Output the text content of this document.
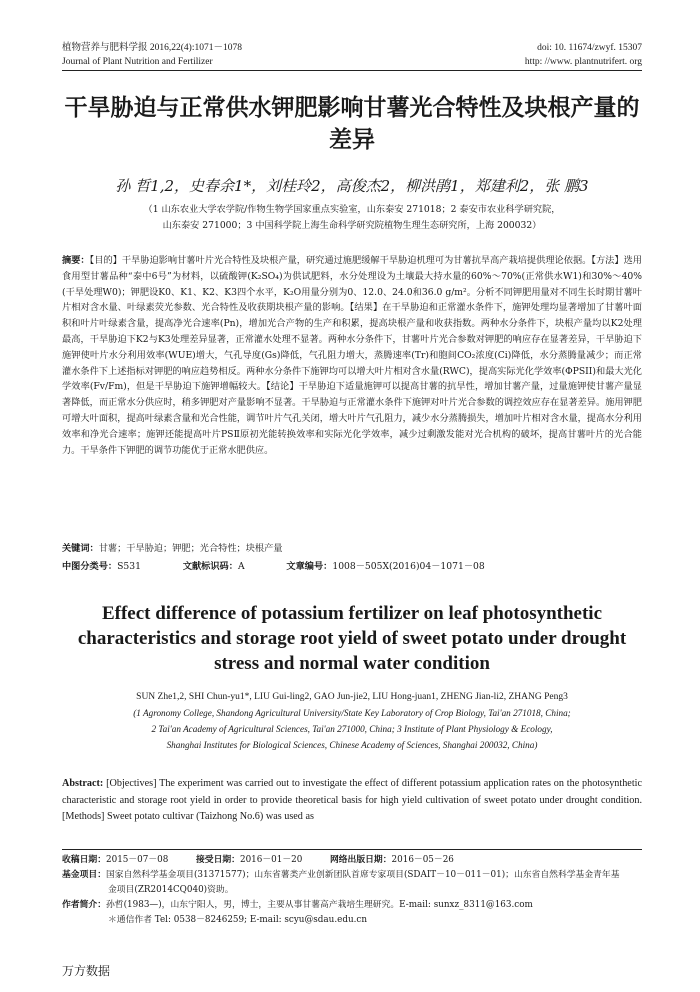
植物营养与肥料学报 2016,22(4):1071－1078
Journal of Plant Nutrition and Fertilizer
doi: 10. 11674/zwyf. 15307
http: //www. plantnutrifert. org
干旱胁迫与正常供水钾肥影响甘薯光合特性及块根产量的差异
孙 哲1,2，史春余1*，刘桂玲2，高俊杰2，柳洪鹃1，郑建利2，张 鹏3
（1 山东农业大学农学院/作物生物学国家重点实验室，山东泰安 271018；2 泰安市农业科学研究院，
山东泰安 271000；3 中国科学院上海生命科学研究院植物生理生态研究所，上海 200032）
摘要：【目的】干旱胁迫影响甘薯叶片光合特性及块根产量，研究通过施肥缓解干旱胁迫机理可为甘薯抗旱高产栽培提供理论依据。【方法】选用食用型甘薯品种“泰中6号”为材料，以硫酸钾(K₂SO₄)为供试肥料，水分处理设为土壤最大持水量的60%～70%(正常供水W1)和30%～40%(干旱处理W0)；钾肥设K0、K1、K2、K3四个水平，K₂O用量分别为0、12.0、24.0和36.0 g/m²。分析不同钾肥用量对不同生长时期甘薯叶片相对含水量、叶绿素荧光参数、光合特性及收获期块根产量的影响。【结果】在干旱胁迫和正常灌水条件下，施钾处理均显著增加了甘薯叶面积和叶片叶绿素含量，提高净光合速率(Pn)，增加光合产物的生产和积累，提高块根产量和收获指数。两种水分条件下，块根产量均以K2处理最高，干旱胁迫下K2与K3处理差异显著，正常灌水处理不显著。两种水分条件下，甘薯叶片光合参数对钾肥的响应存在显著差异，干旱胁迫下施钾使叶片水分利用效率(WUE)增大，气孔导度(Gs)降低，气孔阻力增大，蒸腾速率(Tr)和胞间CO₂浓度(Ci)降低，水分蒸腾量减少；而正常灌水条件下上述指标对钾肥的响应趋势相反。两种水分条件下施钾均可以增大叶片相对含水量(RWC)，提高实际光化学效率(ΦPSII)和最大光化学效率(Fv/Fm)，但是干旱胁迫下施钾增幅较大。【结论】干旱胁迫下适量施钾可以提高甘薯的抗旱性，增加甘薯产量，过量施钾使甘薯产量显著降低，而正常水分供应时，稍多钾肥对产量影响不显著。干旱胁迫与正常灌水条件下施钾对叶片光合参数的调控效应存在显著差异。施用钾肥可增大叶面积，提高叶绿素含量和光合性能，调节叶片气孔关闭，增大叶片气孔阻力，减少水分蒸腾损失，增加叶片相对含水量，提高水分利用效率和净光合速率；施钾还能提高叶片PSⅡ原初光能转换效率和实际光化学效率，减少过剩激发能对光合机构的破坏，提高甘薯叶片的光合能力。干旱条件下钾肥的调节功能优于正常水肥供应。
关键词：甘薯；干旱胁迫；钾肥；光合特性；块根产量
中图分类号：S531	文献标识码：A	文章编号：1008－505X(2016)04－1071－08
Effect difference of potassium fertilizer on leaf photosynthetic characteristics and storage root yield of sweet potato under drought stress and normal water condition
SUN Zhe1,2, SHI Chun-yu1*, LIU Gui-ling2, GAO Jun-jie2, LIU Hong-juan1, ZHENG Jian-li2, ZHANG Peng3
(1 Agronomy College, Shandong Agricultural University/State Key Laboratory of Crop Biology, Tai'an 271018, China;
2 Tai'an Academy of Agricultural Sciences, Tai'an 271000, China; 3 Institute of Plant Physiology & Ecology,
Shanghai Institutes for Biological Sciences, Chinese Academy of Sciences, Shanghai 200032, China)
Abstract: [Objectives] The experiment was carried out to investigate the effect of different potassium application rates on the photosynthetic characteristic and storage root yield in order to provide theoretical basis for high yield cultivation of sweet potato under drought condition. [Methods] Sweet potato cultivar (Taizhong No.6) was used as
收稿日期：2015－07－08	接受日期：2016－01－20	网络出版日期：2016－05－26
基金项目：国家自然科学基金项目(31371577)；山东省薯类产业创新团队首席专家项目(SDAIT－10－011－01)；山东省自然科学基金青年基
金项目(ZR2014CQ040)资助。
作者简介：孙哲(1983—)，山东宁阳人，男，博士，主要从事甘薯高产栽培生理研究。E-mail: sunxz_8311@163.com
＊通信作者 Tel: 0538－8246259; E-mail: scyu@sdau.edu.cn
万方数据
